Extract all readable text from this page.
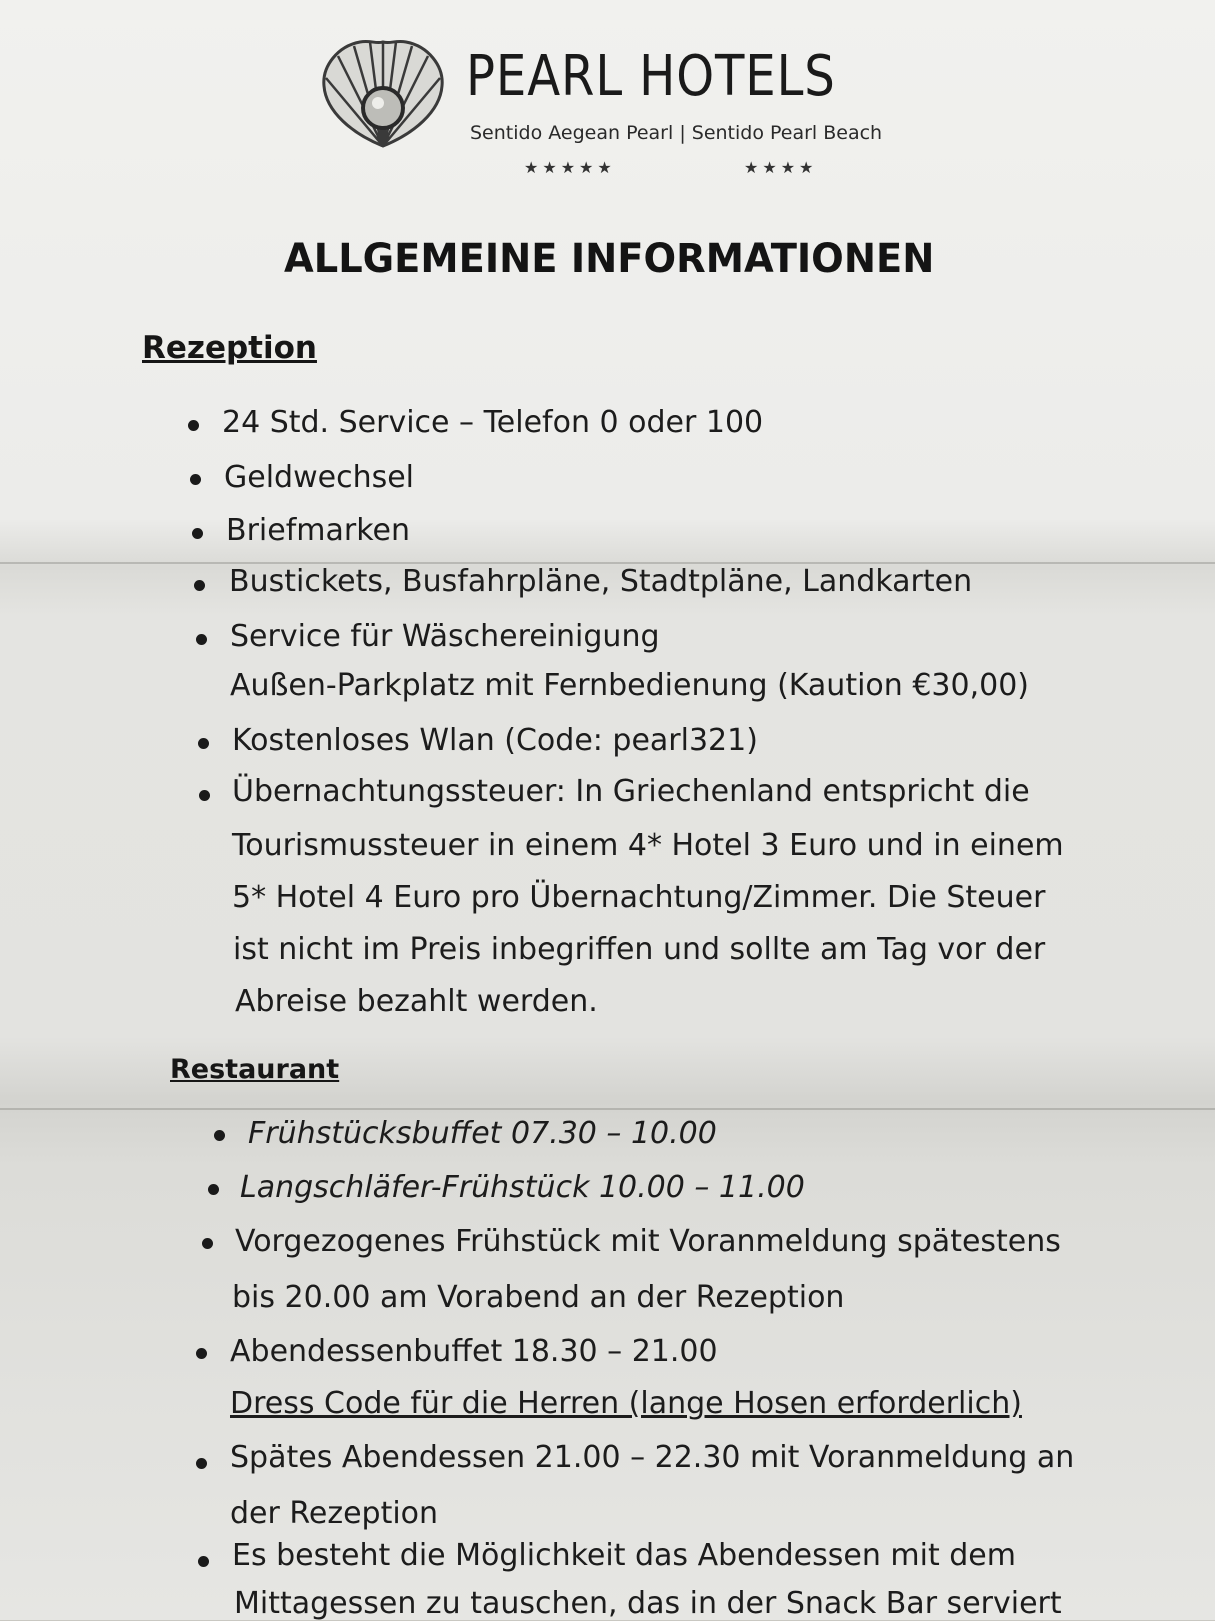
PEARL HOTELS
Sentido Aegean Pearl | Sentido Pearl Beach
★★★★★	★★★★
ALLGEMEINE INFORMATIONEN
Rezeption
24 Std. Service – Telefon 0 oder 100
Geldwechsel
Briefmarken
Bustickets, Busfahrpläne, Stadtpläne, Landkarten
Service für Wäschereinigung
Außen-Parkplatz mit Fernbedienung (Kaution €30,00)
Kostenloses Wlan (Code: pearl321)
Übernachtungssteuer: In Griechenland entspricht die
Tourismussteuer in einem 4* Hotel 3 Euro und in einem
5* Hotel 4 Euro pro Übernachtung/Zimmer. Die Steuer
ist nicht im Preis inbegriffen und sollte am Tag vor der
Abreise bezahlt werden.
Restaurant
Frühstücksbuffet 07.30 – 10.00
Langschläfer-Frühstück 10.00 – 11.00
Vorgezogenes Frühstück mit Voranmeldung spätestens
bis 20.00 am Vorabend an der Rezeption
Abendessenbuffet 18.30 – 21.00
Dress Code für die Herren (lange Hosen erforderlich)
Spätes Abendessen 21.00 – 22.30 mit Voranmeldung an
der Rezeption
Es besteht die Möglichkeit das Abendessen mit dem
Mittagessen zu tauschen, das in der Snack Bar serviert
